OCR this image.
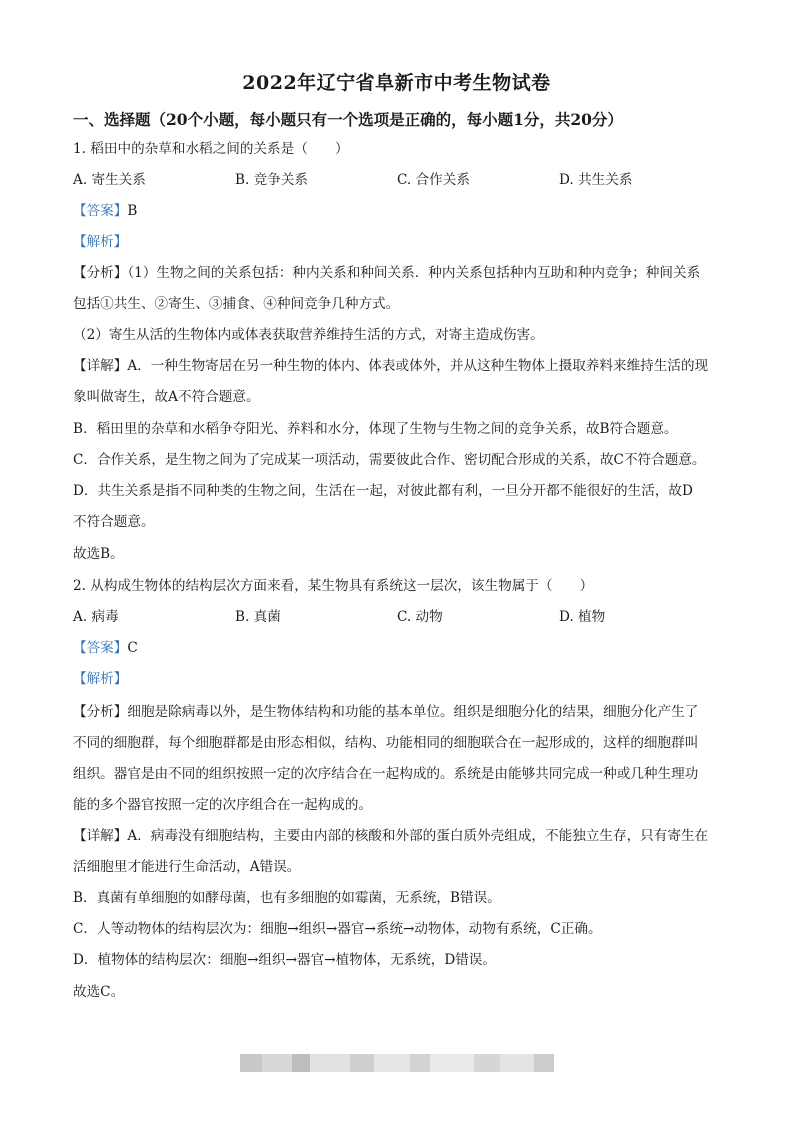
2022年辽宁省阜新市中考生物试卷
一、选择题（20个小题，每小题只有一个选项是正确的，每小题1分，共20分）
1. 稻田中的杂草和水稻之间的关系是（　　）
A. 寄生关系	B. 竞争关系	C. 合作关系	D. 共生关系
【答案】B
【解析】
【分析】（1）生物之间的关系包括：种内关系和种间关系．种内关系包括种内互助和种内竞争；种间关系
包括①共生、②寄生、③捕食、④种间竞争几种方式。
（2）寄生从活的生物体内或体表获取营养维持生活的方式，对寄主造成伤害。
【详解】A．一种生物寄居在另一种生物的体内、体表或体外，并从这种生物体上摄取养料来维持生活的现
象叫做寄生，故A不符合题意。
B．稻田里的杂草和水稻争夺阳光、养料和水分，体现了生物与生物之间的竞争关系，故B符合题意。
C．合作关系，是生物之间为了完成某一项活动，需要彼此合作、密切配合形成的关系，故C不符合题意。
D．共生关系是指不同种类的生物之间，生活在一起，对彼此都有利，一旦分开都不能很好的生活，故D
不符合题意。
故选B。
2. 从构成生物体的结构层次方面来看，某生物具有系统这一层次，该生物属于（　　）
A. 病毒	B. 真菌	C. 动物	D. 植物
【答案】C
【解析】
【分析】细胞是除病毒以外，是生物体结构和功能的基本单位。组织是细胞分化的结果，细胞分化产生了
不同的细胞群，每个细胞群都是由形态相似，结构、功能相同的细胞联合在一起形成的，这样的细胞群叫
组织。器官是由不同的组织按照一定的次序结合在一起构成的。系统是由能够共同完成一种或几种生理功
能的多个器官按照一定的次序组合在一起构成的。
【详解】A．病毒没有细胞结构，主要由内部的核酸和外部的蛋白质外壳组成，不能独立生存，只有寄生在
活细胞里才能进行生命活动，A错误。
B．真菌有单细胞的如酵母菌，也有多细胞的如霉菌，无系统，B错误。
C．人等动物体的结构层次为：细胞→组织→器官→系统→动物体，动物有系统，C正确。
D．植物体的结构层次：细胞→组织→器官→植物体，无系统，D错误。
故选C。
